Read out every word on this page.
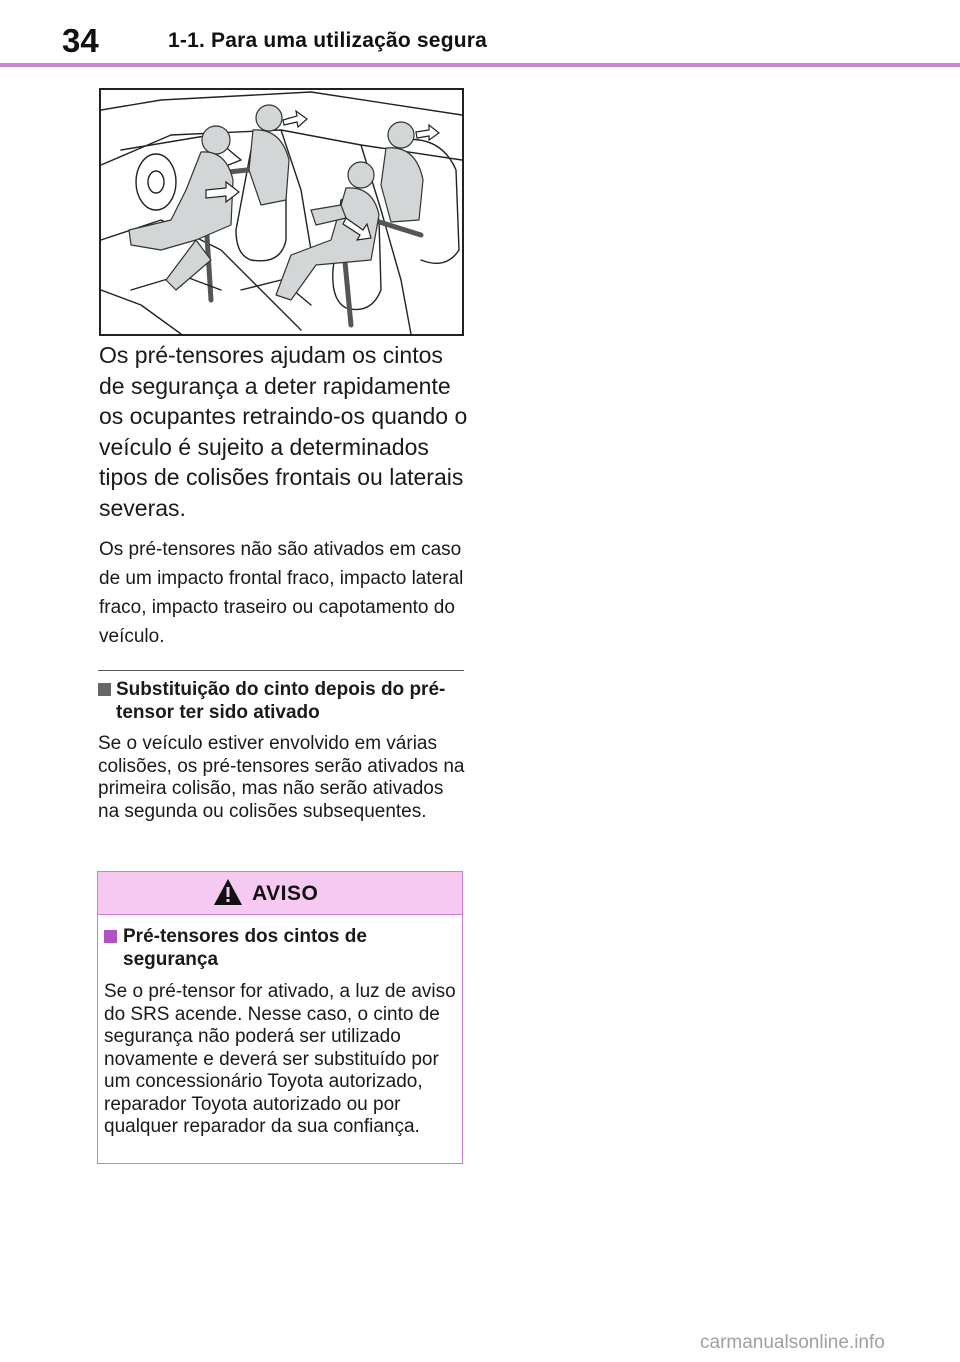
34	1-1. Para uma utilização segura

Os pré-tensores ajudam os cintos de segurança a deter rapidamente os ocupantes retraindo-os quando o veículo é sujeito a determinados tipos de colisões frontais ou laterais severas.

Os pré-tensores não são ativados em caso de um impacto frontal fraco, impacto lateral fraco, impacto traseiro ou capotamento do veículo.

Substituição do cinto depois do pré-tensor ter sido ativado

Se o veículo estiver envolvido em várias colisões, os pré-tensores serão ativados na primeira colisão, mas não serão ativados na segunda ou colisões subsequentes.

AVISO

Pré-tensores dos cintos de segurança

Se o pré-tensor for ativado, a luz de aviso do SRS acende. Nesse caso, o cinto de segurança não poderá ser utilizado novamente e deverá ser substituído por um concessionário Toyota autorizado, reparador Toyota autorizado ou por qualquer reparador da sua confiança.

carmanualsonline.info
